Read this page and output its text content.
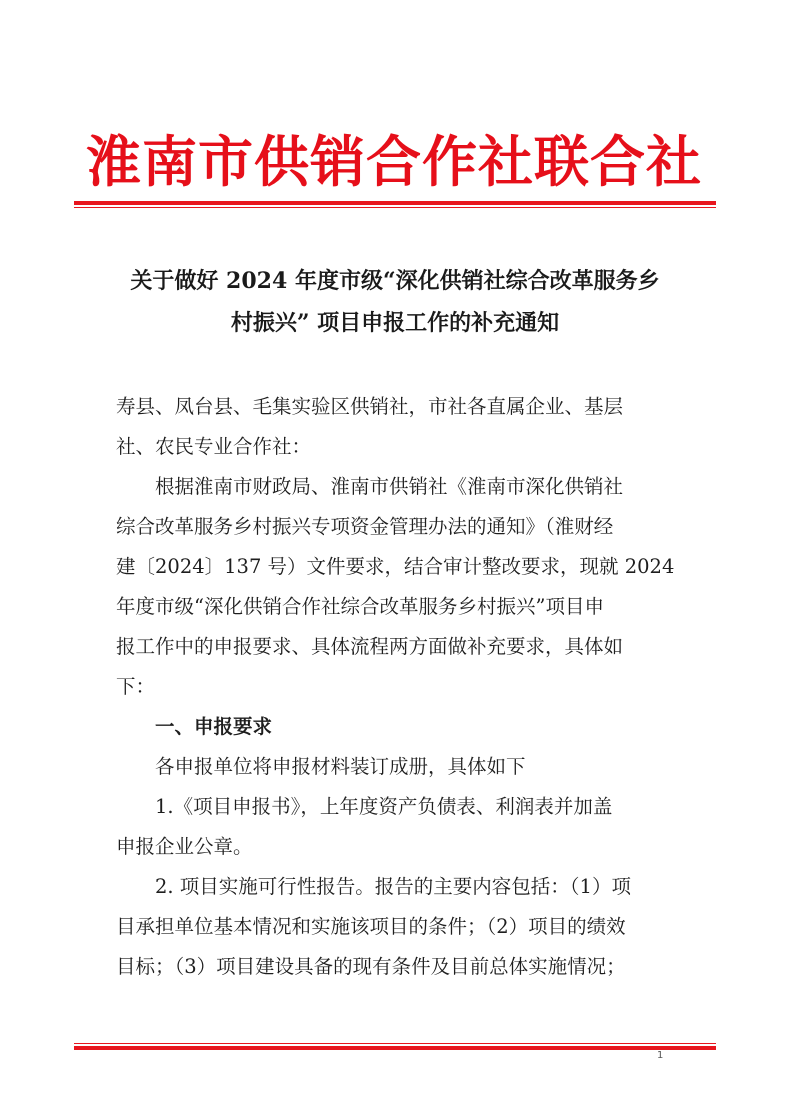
淮南市供销合作社联合社
关于做好 2024 年度市级“深化供销社综合改革服务乡
村振兴” 项目申报工作的补充通知
寿县、凤台县、毛集实验区供销社，市社各直属企业、基层
社、农民专业合作社：
根据淮南市财政局、淮南市供销社《淮南市深化供销社
综合改革服务乡村振兴专项资金管理办法的通知》（淮财经
建〔2024〕137 号）文件要求，结合审计整改要求，现就 2024
年度市级“深化供销合作社综合改革服务乡村振兴”项目申
报工作中的申报要求、具体流程两方面做补充要求，具体如
下：
一、申报要求
各申报单位将申报材料装订成册，具体如下
1.《项目申报书》，上年度资产负债表、利润表并加盖
申报企业公章。
2. 项目实施可行性报告。报告的主要内容包括：（1）项
目承担单位基本情况和实施该项目的条件；（2）项目的绩效
目标；（3）项目建设具备的现有条件及目前总体实施情况；
1
